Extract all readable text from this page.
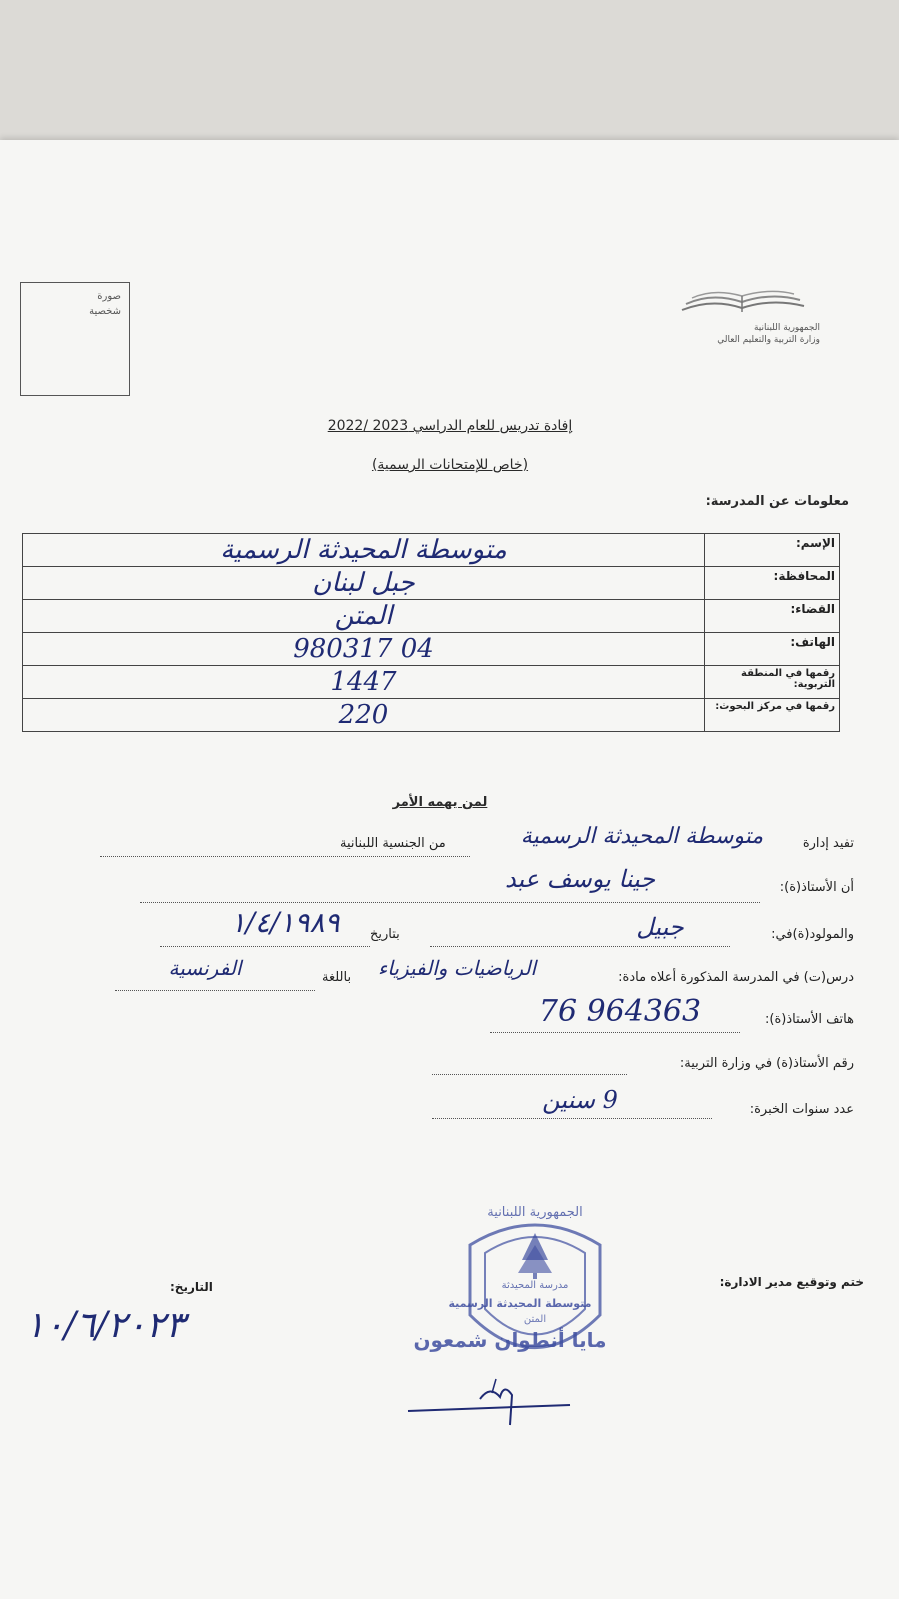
صورة
شخصية
الجمهورية اللبنانية
وزارة التربية والتعليم العالي
إفادة تدريس للعام الدراسي 2023 /2022
(خاص للإمتحانات الرسمية)
معلومات عن المدرسة:
الإسم:	متوسطة المحيدثة الرسمية
المحافظة:	جبل لبنان
القضاء:	المتن
الهاتف:	04 980317
رقمها في المنطقة التربوية:	1447
رقمها في مركز البحوث:	220
لمن يهمه الأمر
تفيد إدارة
متوسطة المحيدثة الرسمية
من الجنسية اللبنانية
أن الأستاذ(ة):
جينا يوسف عبد
والمولود(ة)في:
جبيل
بتاريخ
١/٤/١٩٨٩
درس(ت) في المدرسة المذكورة أعلاه مادة:
الرياضيات والفيزياء
باللغة
الفرنسية
هاتف الأستاذ(ة):
76 964363
رقم الأستاذ(ة) في وزارة التربية:
عدد سنوات الخبرة:
9 سنين
ختم وتوقيع مدير الادارة:
التاريخ:
١٠/٦/٢٠٢٣
الجمهورية اللبنانية
مدرسة المحيدثة
متوسطة المحيدثة الرسمية
المتن
مايا أنطوان شمعون
